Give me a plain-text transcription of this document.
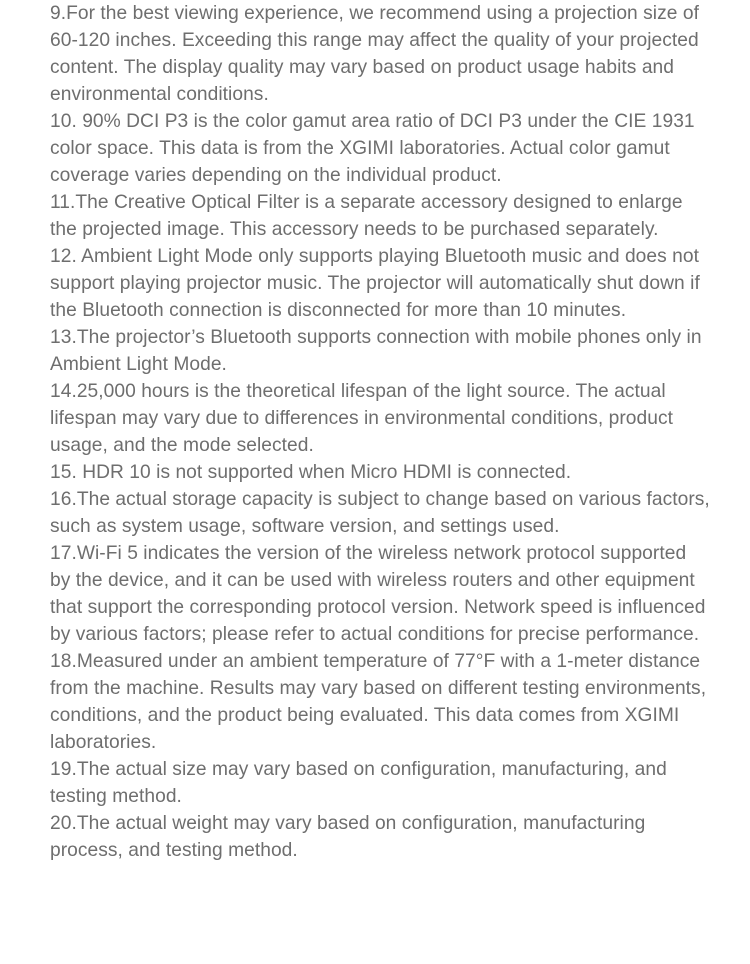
9.For the best viewing experience, we recommend using a projection size of 60-120 inches. Exceeding this range may affect the quality of your projected content. The display quality may vary based on product usage habits and environmental conditions.

10. 90% DCI P3 is the color gamut area ratio of DCI P3 under the CIE 1931 color space. This data is from the XGIMI laboratories. Actual color gamut coverage varies depending on the individual product.

11.The Creative Optical Filter is a separate accessory designed to enlarge the projected image. This accessory needs to be purchased separately.

12. Ambient Light Mode only supports playing Bluetooth music and does not support playing projector music. The projector will automatically shut down if the Bluetooth connection is disconnected for more than 10 minutes.

13.The projector’s Bluetooth supports connection with mobile phones only in Ambient Light Mode.

14.25,000 hours is the theoretical lifespan of the light source. The actual lifespan may vary due to differences in environmental conditions, product usage, and the mode selected.

15. HDR 10 is not supported when Micro HDMI is connected.

16.The actual storage capacity is subject to change based on various factors, such as system usage, software version, and settings used.

17.Wi-Fi 5 indicates the version of the wireless network protocol supported by the device, and it can be used with wireless routers and other equipment that support the corresponding protocol version. Network speed is influenced by various factors; please refer to actual conditions for precise performance.

18.Measured under an ambient temperature of 77°F with a 1-meter distance from the machine. Results may vary based on different testing environments, conditions, and the product being evaluated. This data comes from XGIMI laboratories.

19.The actual size may vary based on configuration, manufacturing, and testing method.

20.The actual weight may vary based on configuration, manufacturing process, and testing method.
